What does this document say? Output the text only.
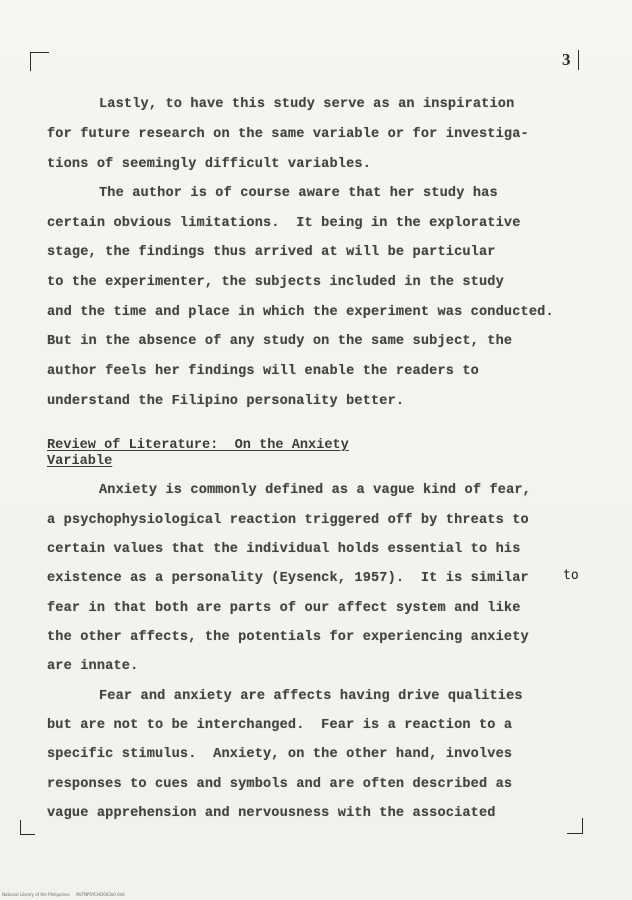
3
Lastly, to have this study serve as an inspiration
for future research on the same variable or for investiga-
tions of seemingly difficult variables.
The author is of course aware that her study has
certain obvious limitations.  It being in the explorative
stage, the findings thus arrived at will be particular
to the experimenter, the subjects included in the study
and the time and place in which the experiment was conducted.
But in the absence of any study on the same subject, the
author feels her findings will enable the readers to
understand the Filipino personality better.
Review of Literature:  On the Anxiety
Variable
Anxiety is commonly defined as a vague kind of fear,
a psychophysiological reaction triggered off by threats to
certain values that the individual holds essential to his
existence as a personality (Eysenck, 1957).  It is similar
fear in that both are parts of our affect system and like
the other affects, the potentials for experiencing anxiety
are innate.
to
Fear and anxiety are affects having drive qualities
but are not to be interchanged.  Fear is a reaction to a
specific stimulus.  Anxiety, on the other hand, involves
responses to cues and symbols and are often described as
vague apprehension and nervousness with the associated
National Library of the Philippines     MsTNPSYCHO003a0 0n6
